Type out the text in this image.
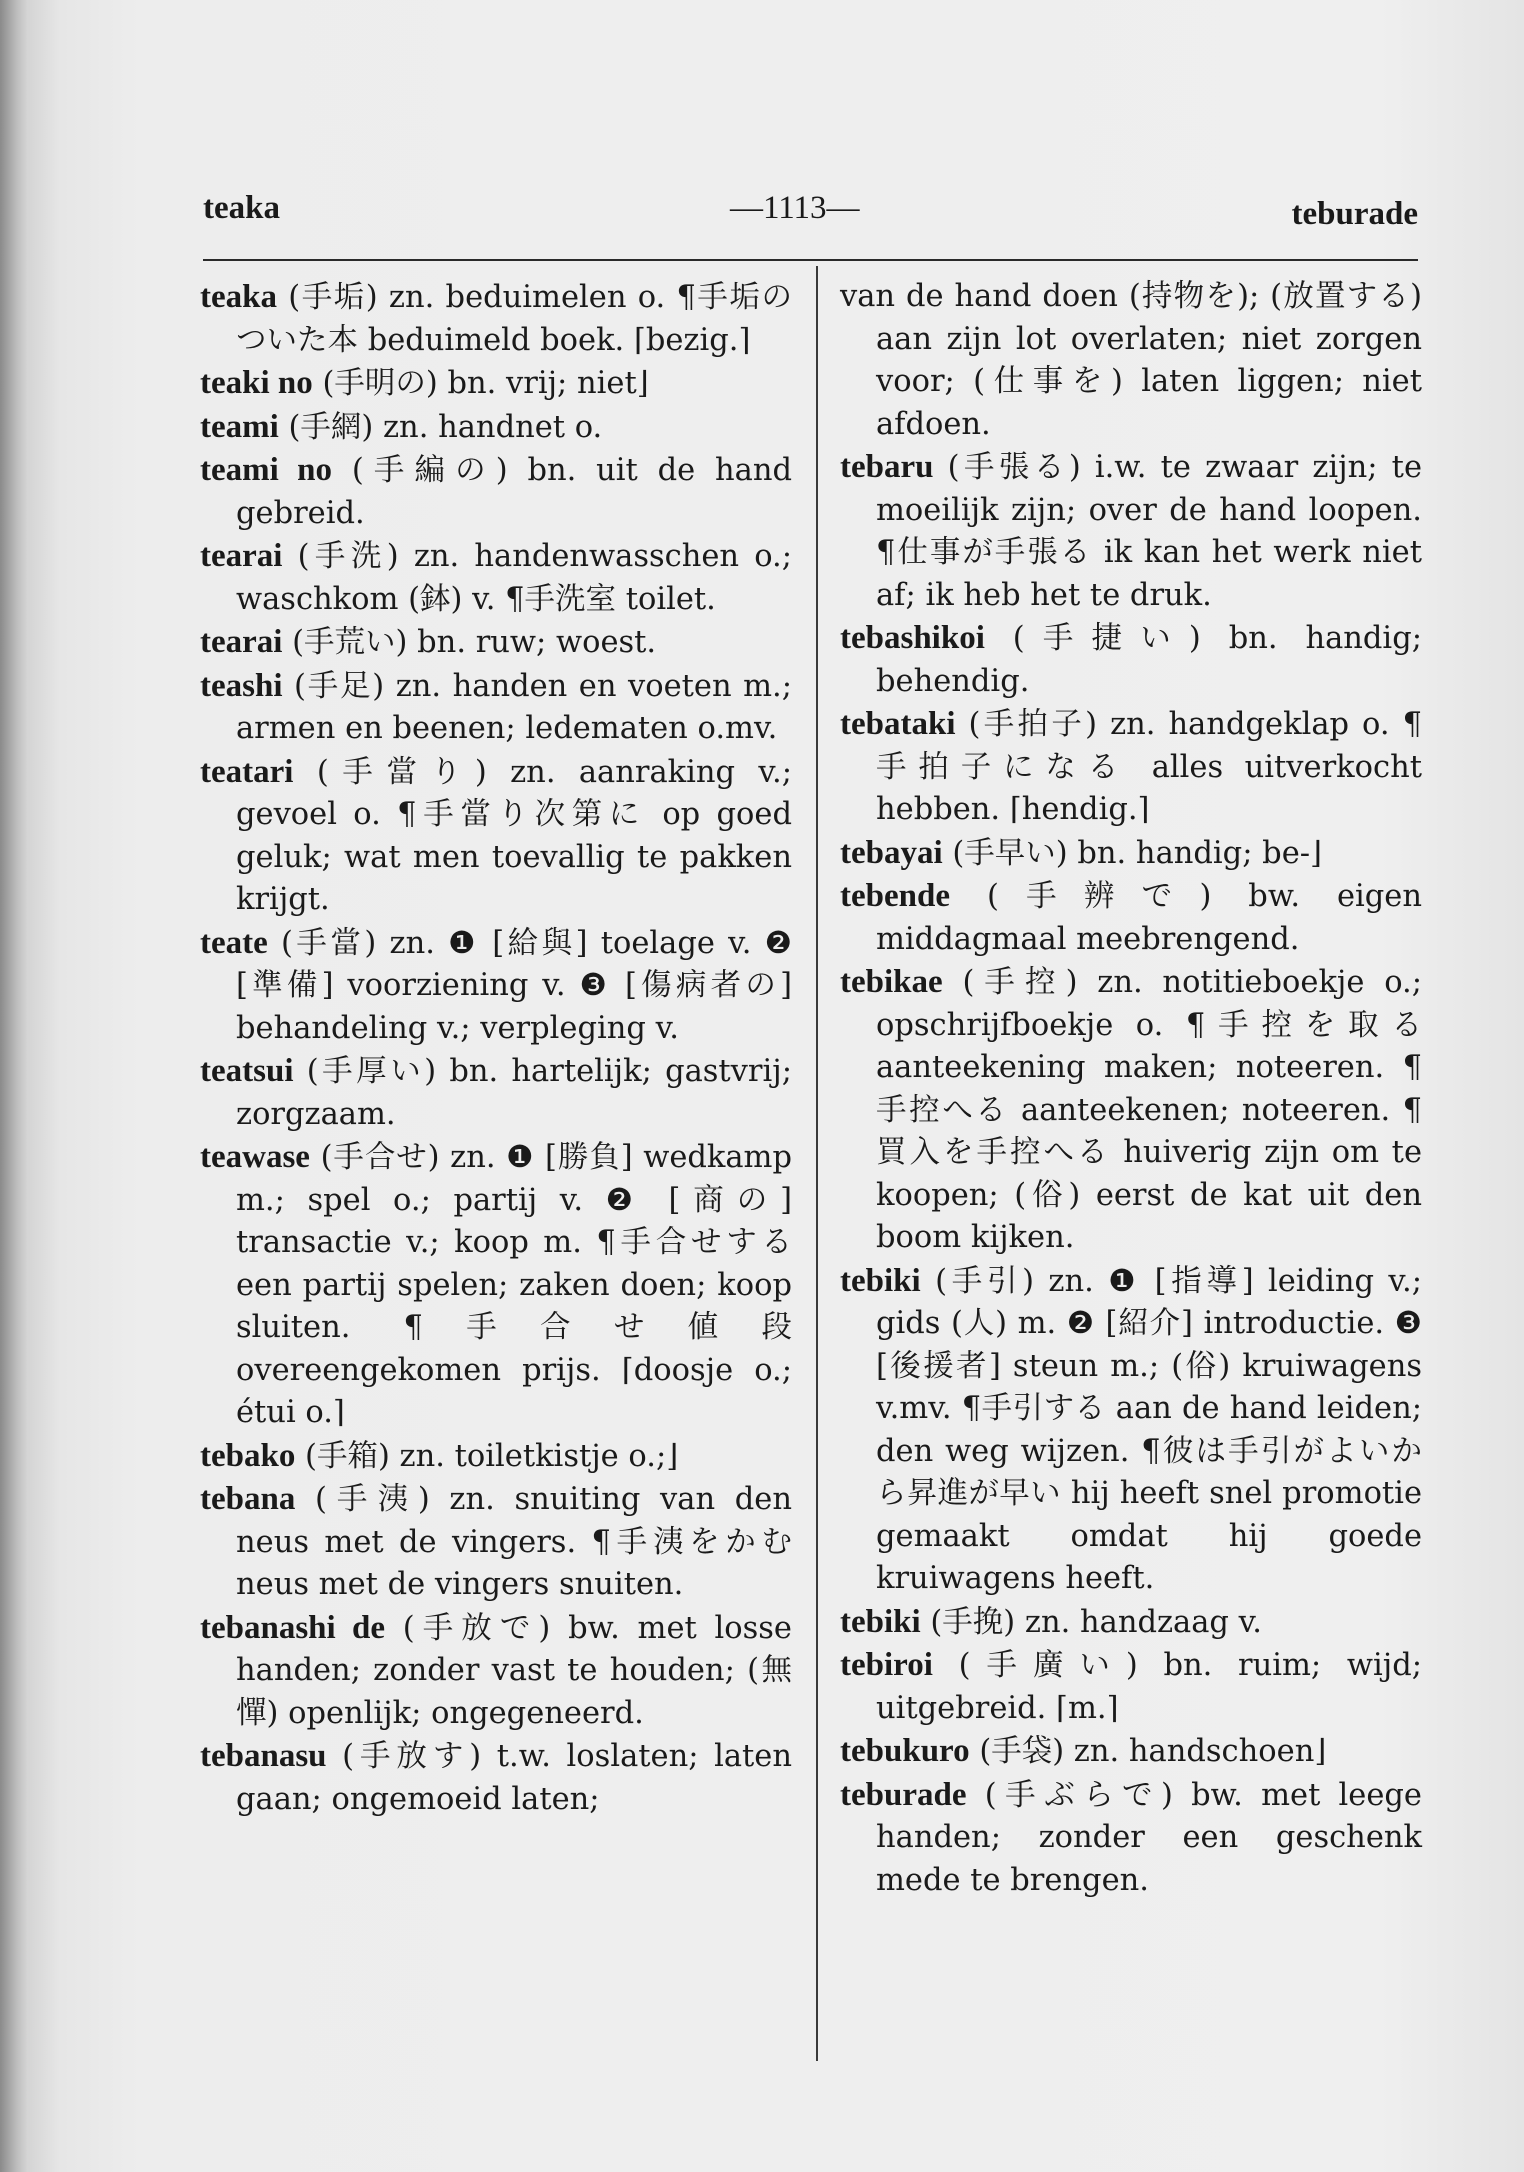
teaka	—1113—	teburade

teaka (手垢) zn. beduimelen o. ¶手垢のついた本 beduimeld boek. ⌈bezig.⌉

teaki no (手明の) bn. vrij; niet⌋

teami (手網) zn. handnet o.

teami no (手編の) bn. uit de hand gebreid.

tearai (手洗) zn. handenwasschen o.; waschkom (鉢) v. ¶手洗室 toilet.

tearai (手荒い) bn. ruw; woest.

teashi (手足) zn. handen en voeten m.; armen en beenen; ledematen o.mv.

teatari (手當り) zn. aanraking v.; gevoel o. ¶手當り次第に op goed geluk; wat men toevallig te pakken krijgt.

teate (手當) zn. ❶ [給與] toelage v. ❷ [準備] voorziening v. ❸ [傷病者の] behandeling v.; verpleging v.

teatsui (手厚い) bn. hartelijk; gastvrij; zorgzaam.

teawase (手合せ) zn. ❶ [勝負] wedkamp m.; spel o.; partij v. ❷ [商の] transactie v.; koop m. ¶手合せする een partij spelen; zaken doen; koop sluiten. ¶手合せ値段 overeengekomen prijs. ⌈doosje o.; étui o.⌉

tebako (手箱) zn. toiletkistje o.;⌋

tebana (手洟) zn. snuiting van den neus met de vingers. ¶手洟をかむ neus met de vingers snuiten.

tebanashi de (手放で) bw. met losse handen; zonder vast te houden; (無憚) openlijk; ongegeneerd.

tebanasu (手放す) t.w. loslaten; laten gaan; ongemoeid laten;

van de hand doen (持物を); (放置する) aan zijn lot overlaten; niet zorgen voor; (仕事を) laten liggen; niet afdoen.

tebaru (手張る) i.w. te zwaar zijn; te moeilijk zijn; over de hand loopen. ¶仕事が手張る ik kan het werk niet af; ik heb het te druk.

tebashikoi (手捷い) bn. handig; behendig.

tebataki (手拍子) zn. handgeklap o. ¶手拍子になる alles uitverkocht hebben. ⌈hendig.⌉

tebayai (手早い) bn. handig; be-⌋

tebende (手辨で) bw. eigen middagmaal meebrengend.

tebikae (手控) zn. notitieboekje o.; opschrijfboekje o. ¶手控を取る aanteekening maken; noteeren. ¶手控へる aanteekenen; noteeren. ¶買入を手控へる huiverig zijn om te koopen; (俗) eerst de kat uit den boom kijken.

tebiki (手引) zn. ❶ [指導] leiding v.; gids (人) m. ❷ [紹介] introductie. ❸ [後援者] steun m.; (俗) kruiwagens v.mv. ¶手引する aan de hand leiden; den weg wijzen. ¶彼は手引がよいから昇進が早い hij heeft snel promotie gemaakt omdat hij goede kruiwagens heeft.

tebiki (手挽) zn. handzaag v.

tebiroi (手廣い) bn. ruim; wijd; uitgebreid. ⌈m.⌉

tebukuro (手袋) zn. handschoen⌋

teburade (手ぶらで) bw. met leege handen; zonder een geschenk mede te brengen.
